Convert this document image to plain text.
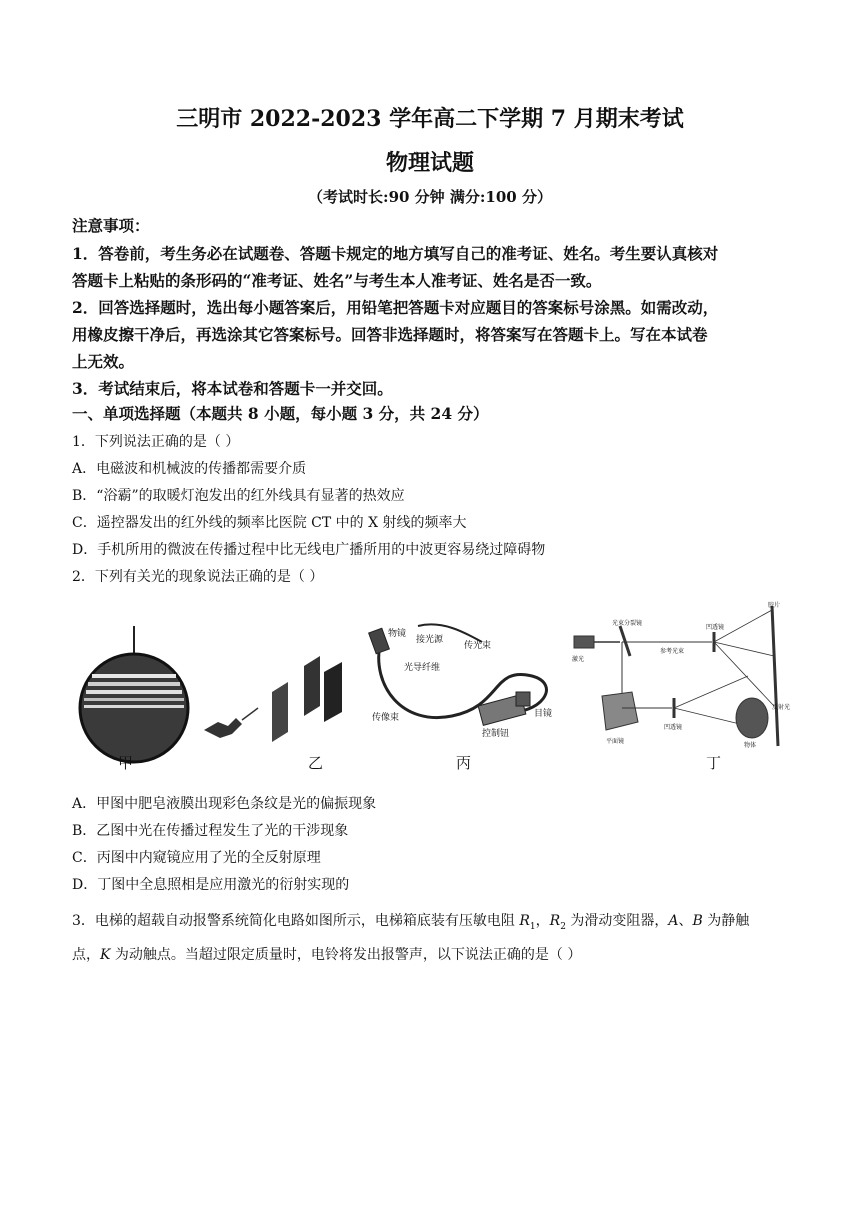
三明市 2022-2023 学年高二下学期 7 月期末考试
物理试题
（考试时长:90 分钟 满分:100 分）
注意事项：
1．答卷前，考生务必在试题卷、答题卡规定的地方填写自己的准考证、姓名。考生要认真核对
答题卡上粘贴的条形码的“准考证、姓名”与考生本人准考证、姓名是否一致。
2．回答选择题时，选出每小题答案后，用铅笔把答题卡对应题目的答案标号涂黑。如需改动，
用橡皮擦干净后，再选涂其它答案标号。回答非选择题时，将答案写在答题卡上。写在本试卷
上无效。
3．考试结束后，将本试卷和答题卡一并交回。
一、单项选择题（本题共 8 小题，每小题 3 分，共 24 分）
1．下列说法正确的是（ ）
A．电磁波和机械波的传播都需要介质
B．“浴霸”的取暖灯泡发出的红外线具有显著的热效应
C．遥控器发出的红外线的频率比医院 CT 中的 X 射线的频率大
D．手机所用的微波在传播过程中比无线电广播所用的中波更容易绕过障碍物
2．下列有关光的现象说法正确的是（ ）
甲	乙	丙	丁
物镜
接光源
传光束
光导纤维
传像束	目镜
控制钮
光束分裂镜
激光
参考光束
凹透镜
胶片
反射光
平面镜
凹透镜
物体
A．甲图中肥皂液膜出现彩色条纹是光的偏振现象
B．乙图中光在传播过程发生了光的干涉现象
C．丙图中内窥镜应用了光的全反射原理
D．丁图中全息照相是应用激光的衍射实现的
3．电梯的超载自动报警系统简化电路如图所示，电梯箱底装有压敏电阻 $R_1$，$R_2$ 为滑动变阻器，A、B 为静触
点，K 为动触点。当超过限定质量时，电铃将发出报警声，以下说法正确的是（ ）
